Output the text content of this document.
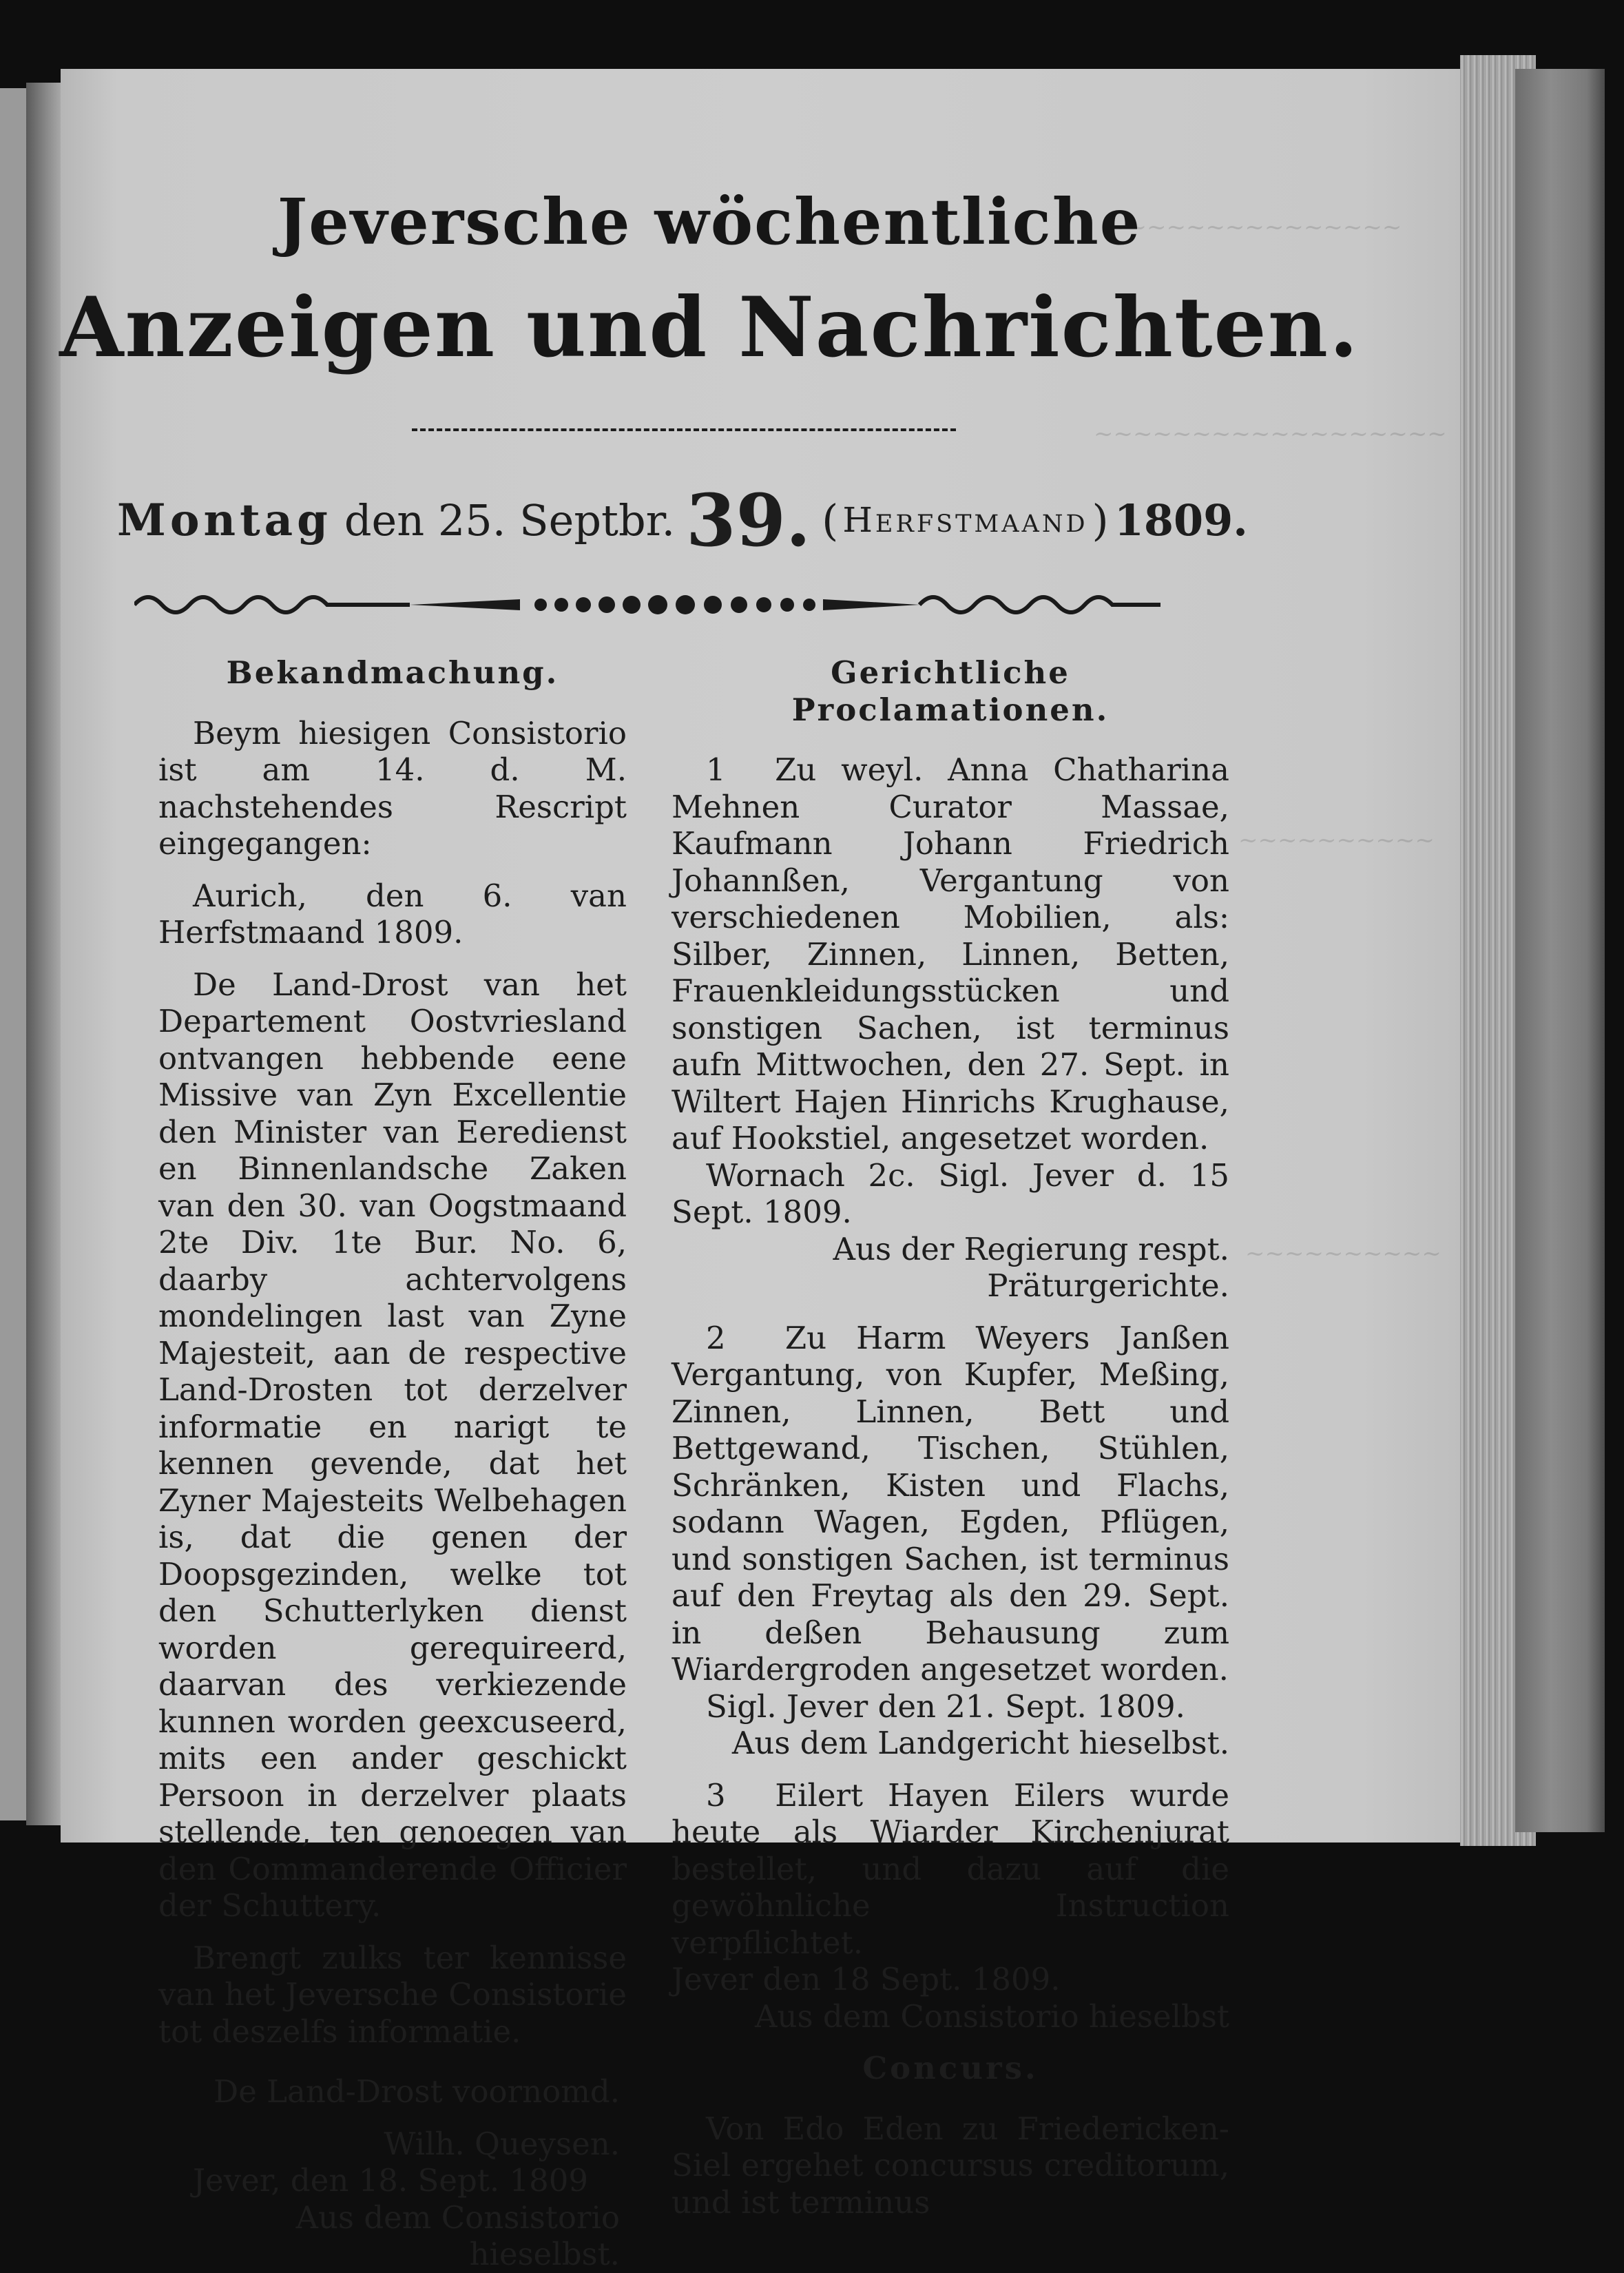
~~~~~~~~~~~~~~~
~~~~~~~~~~~~~~~~~~
~~~~~~~~~~
~~~~~~~~~~
Jeversche wöchentliche
Anzeigen und Nachrichten.
Montag den 25. Septbr. 39. ( Herfstmaand ) 1809.

Bekandmachung.

Beym hiesigen Consistorio ist am 14. d. M. nachstehendes Rescript eingegangen:

Aurich, den 6. van Herfstmaand 1809.

De Land-Drost van het Departement Oostvriesland ontvangen hebbende eene Missive van Zyn Excellentie den Minister van Eeredienst en Binnenlandsche Zaken van den 30. van Oogstmaand 2te Div. 1te Bur. No. 6, daarby achtervolgens mondelingen last van Zyne Majesteit, aan de respective Land-Drosten tot derzelver informatie en narigt te kennen gevende, dat het Zyner Majesteits Welbehagen is, dat die genen der Doopsgezinden, welke tot den Schutterlyken dienst worden gerequireerd, daarvan des verkiezende kunnen worden geexcuseerd, mits een ander geschickt Persoon in derzelver plaats stellende, ten genoegen van den Commanderende Officier der Schuttery.

Brengt zulks ter kennisse van het Jeversche Consistorie tot deszelfs informatie.

De Land-Drost voornomd.

Wilh. Queysen.

Jever, den 18. Sept. 1809

Aus dem Consistorio hieselbst.

Gerichtliche Proclamationen.

1 Zu weyl. Anna Chatharina Mehnen Curator Massae, Kaufmann Johann Friedrich Johannßen, Vergantung von verschiedenen Mobilien, als: Silber, Zinnen, Linnen, Betten, Frauenkleidungsstücken und sonstigen Sachen, ist terminus aufn Mittwochen, den 27. Sept. in Wiltert Hajen Hinrichs Krughause, auf Hookstiel, angesetzet worden.

Wornach 2c. Sigl. Jever d. 15 Sept. 1809.

Aus der Regierung respt. Präturgerichte.

2 Zu Harm Weyers Janßen Vergantung, von Kupfer, Meßing, Zinnen, Linnen, Bett und Bettgewand, Tischen, Stühlen, Schränken, Kisten und Flachs, sodann Wagen, Egden, Pflügen, und sonstigen Sachen, ist terminus auf den Freytag als den 29. Sept. in deßen Behausung zum Wiardergroden angesetzet worden.

Sigl. Jever den 21. Sept. 1809.

Aus dem Landgericht hieselbst.

3 Eilert Hayen Eilers wurde heute als Wiarder Kirchenjurat bestellet, und dazu auf die gewöhnliche Instruction verpflichtet.

Jever den 18 Sept. 1809.

Aus dem Consistorio hieselbst

Concurs.

Von Edo Eden zu Friedericken-Siel ergehet concursus creditorum, und ist terminus
